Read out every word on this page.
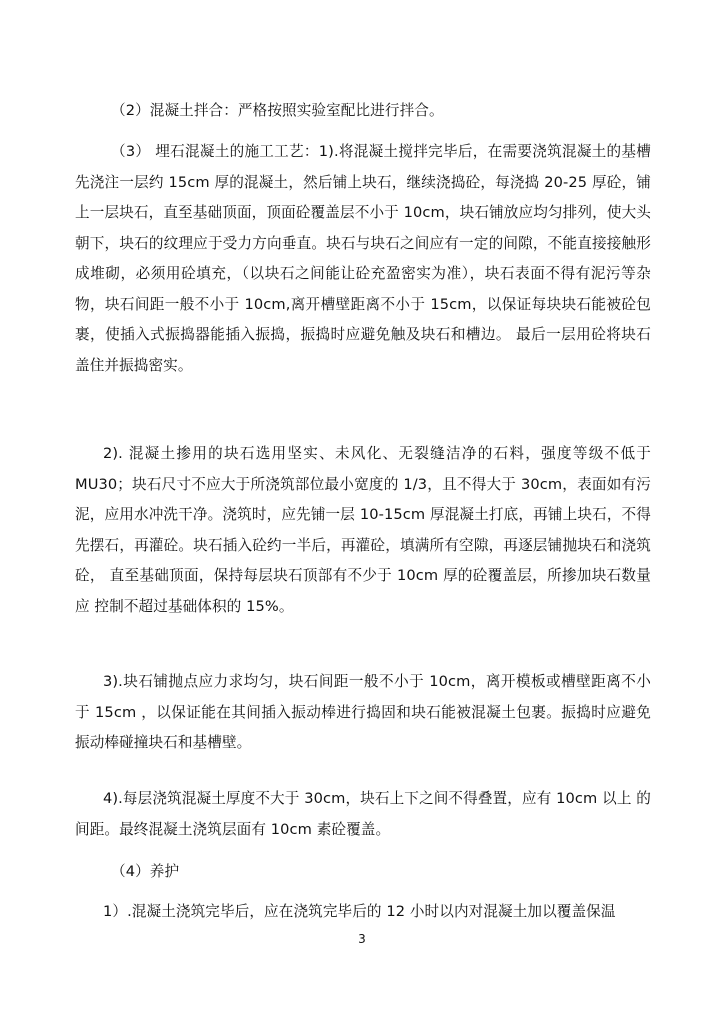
（2）混凝土拌合：严格按照实验室配比进行拌合。
（3） 埋石混凝土的施工工艺：1).将混凝土搅拌完毕后，在需要浇筑混凝土的基槽先浇注一层约 15cm 厚的混凝土，然后铺上块石，继续浇捣砼，每浇捣 20-25 厚砼，铺上一层块石，直至基础顶面，顶面砼覆盖层不小于 10cm，块石铺放应均匀排列，使大头朝下，块石的纹理应于受力方向垂直。块石与块石之间应有一定的间隙，不能直接接触形成堆砌，必须用砼填充，（以块石之间能让砼充盈密实为准），块石表面不得有泥污等杂物，块石间距一般不小于 10cm,离开槽壁距离不小于 15cm，以保证每块块石能被砼包裹，使插入式振捣器能插入振捣，振捣时应避免触及块石和槽边。 最后一层用砼将块石盖住并振捣密实。
2). 混凝土掺用的块石选用坚实、未风化、无裂缝洁净的石料，强度等级不低于 MU30；块石尺寸不应大于所浇筑部位最小宽度的 1/3，且不得大于 30cm，表面如有污泥，应用水冲洗干净。浇筑时，应先铺一层 10-15cm 厚混凝土打底，再铺上块石，不得先摆石，再灌砼。块石插入砼约一半后，再灌砼，填满所有空隙，再逐层铺抛块石和浇筑砼， 直至基础顶面，保持每层块石顶部有不少于 10cm 厚的砼覆盖层，所掺加块石数量应 控制不超过基础体积的 15%。
3).块石铺抛点应力求均匀，块石间距一般不小于 10cm，离开模板或槽壁距离不小于 15cm ，以保证能在其间插入振动棒进行捣固和块石能被混凝土包裹。振捣时应避免振动棒碰撞块石和基槽壁。
4).每层浇筑混凝土厚度不大于 30cm，块石上下之间不得叠置，应有 10cm 以上 的间距。最终混凝土浇筑层面有 10cm 素砼覆盖。
（4）养护
1）.混凝土浇筑完毕后，应在浇筑完毕后的 12 小时以内对混凝土加以覆盖保温
3
